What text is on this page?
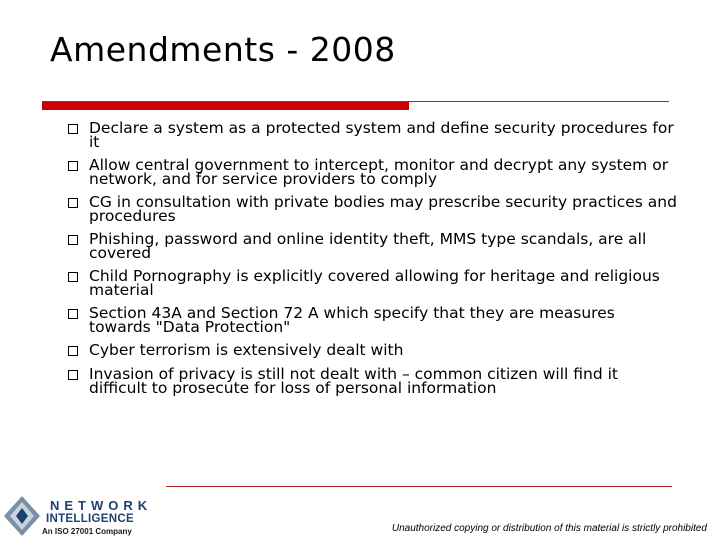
Amendments - 2008
Declare a system as a protected system and define security procedures for it
Allow central government to intercept, monitor and decrypt any system or network, and for service providers to comply
CG in consultation with private bodies may prescribe security practices and procedures
Phishing, password and online identity theft, MMS type scandals, are all covered
Child Pornography is explicitly covered allowing for heritage and religious material
Section 43A and Section 72 A which specify that they are measures towards "Data Protection"
Cyber terrorism is extensively dealt with
Invasion of privacy is still not dealt with – common citizen will find it difficult to prosecute for loss of personal information
NETWORK
INTELLIGENCE
An ISO 27001 Company	Unauthorized copying or distribution of this material is strictly prohibited
